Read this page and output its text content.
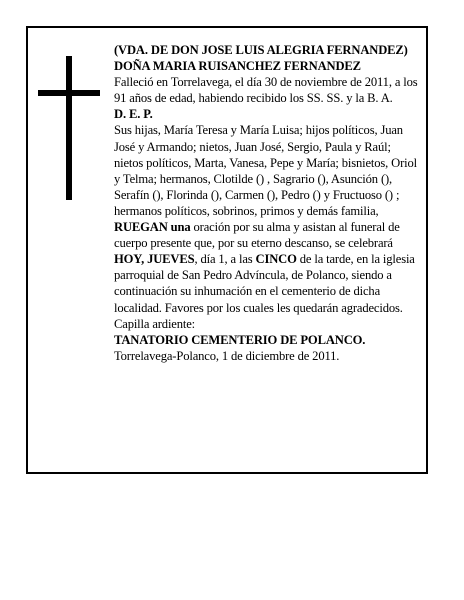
(VDA. DE DON JOSE LUIS ALEGRIA FERNANDEZ)

DOÑA MARIA RUISANCHEZ FERNANDEZ

Falleció en Torrelavega, el día 30 de noviembre de 2011, a los 91 años de edad, habiendo recibido los SS. SS. y la B. A.

D. E. P.

Sus hijas, María Teresa y María Luisa; hijos políticos, Juan José y Armando; nietos, Juan José, Sergio, Paula y Raúl; nietos políticos, Marta, Vanesa, Pepe y María; bisnietos, Oriol y Telma; hermanos, Clotilde () , Sagrario (), Asunción (), Serafín (), Florinda (), Carmen (), Pedro () y Fructuoso () ; hermanos políticos, sobrinos, primos y demás familia,

RUEGAN una oración por su alma y asistan al funeral de cuerpo presente que, por su eterno descanso, se celebrará HOY, JUEVES, día 1, a las CINCO de la tarde, en la iglesia parroquial de San Pedro Advíncula, de Polanco, siendo a continuación su inhumación en el cementerio de dicha localidad. Favores por los cuales les quedarán agradecidos. Capilla ardiente:

TANATORIO CEMENTERIO DE POLANCO.

Torrelavega-Polanco, 1 de diciembre de 2011.
